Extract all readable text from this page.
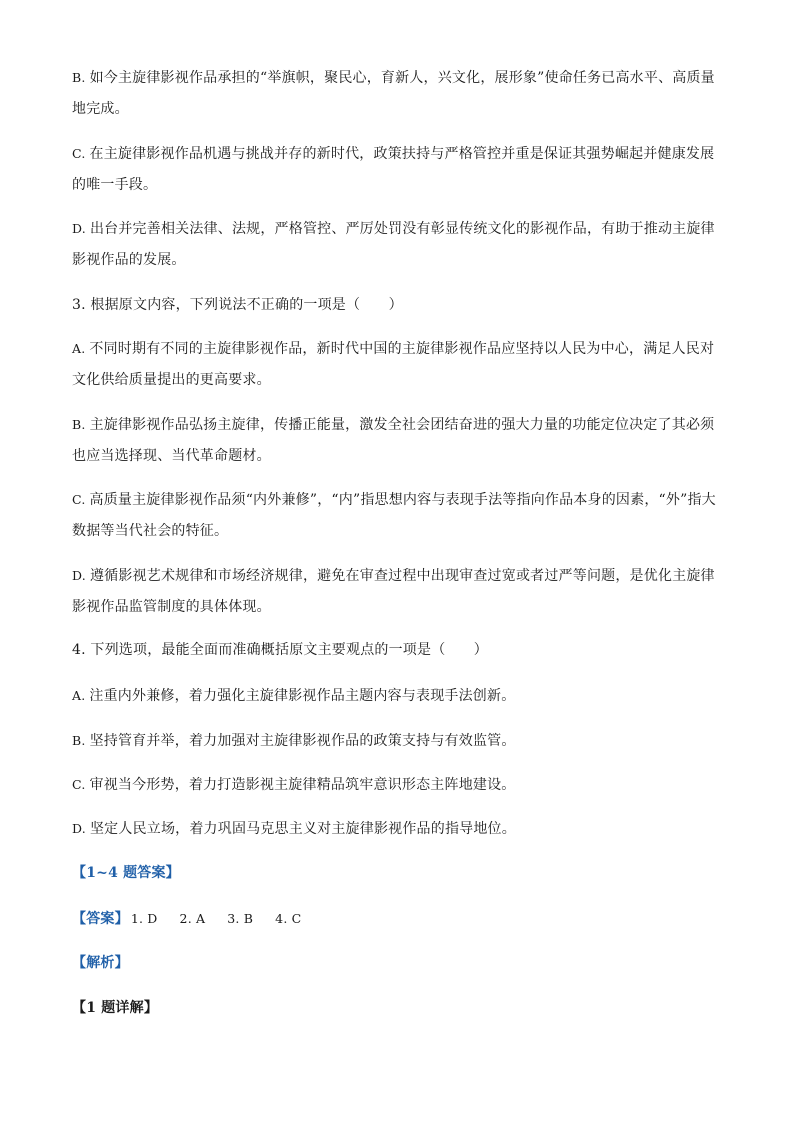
B. 如今主旋律影视作品承担的“举旗帜，聚民心，育新人，兴文化，展形象”使命任务已高水平、高质量地完成。

C. 在主旋律影视作品机遇与挑战并存的新时代，政策扶持与严格管控并重是保证其强势崛起并健康发展的唯一手段。

D. 出台并完善相关法律、法规，严格管控、严厉处罚没有彰显传统文化的影视作品，有助于推动主旋律影视作品的发展。

3. 根据原文内容，下列说法不正确的一项是（　　）

A. 不同时期有不同的主旋律影视作品，新时代中国的主旋律影视作品应坚持以人民为中心，满足人民对文化供给质量提出的更高要求。

B. 主旋律影视作品弘扬主旋律，传播正能量，激发全社会团结奋进的强大力量的功能定位决定了其必须也应当选择现、当代革命题材。

C. 高质量主旋律影视作品须“内外兼修”，“内”指思想内容与表现手法等指向作品本身的因素，“外”指大数据等当代社会的特征。

D. 遵循影视艺术规律和市场经济规律，避免在审查过程中出现审查过宽或者过严等问题，是优化主旋律影视作品监管制度的具体体现。

4. 下列选项，最能全面而准确概括原文主要观点的一项是（　　）

A. 注重内外兼修，着力强化主旋律影视作品主题内容与表现手法创新。

B. 坚持管育并举，着力加强对主旋律影视作品的政策支持与有效监管。

C. 审视当今形势，着力打造影视主旋律精品筑牢意识形态主阵地建设。

D. 坚定人民立场，着力巩固马克思主义对主旋律影视作品的指导地位。

【1~4 题答案】

【答案】 1. D 2. A 3. B 4. C

【解析】

【1 题详解】
